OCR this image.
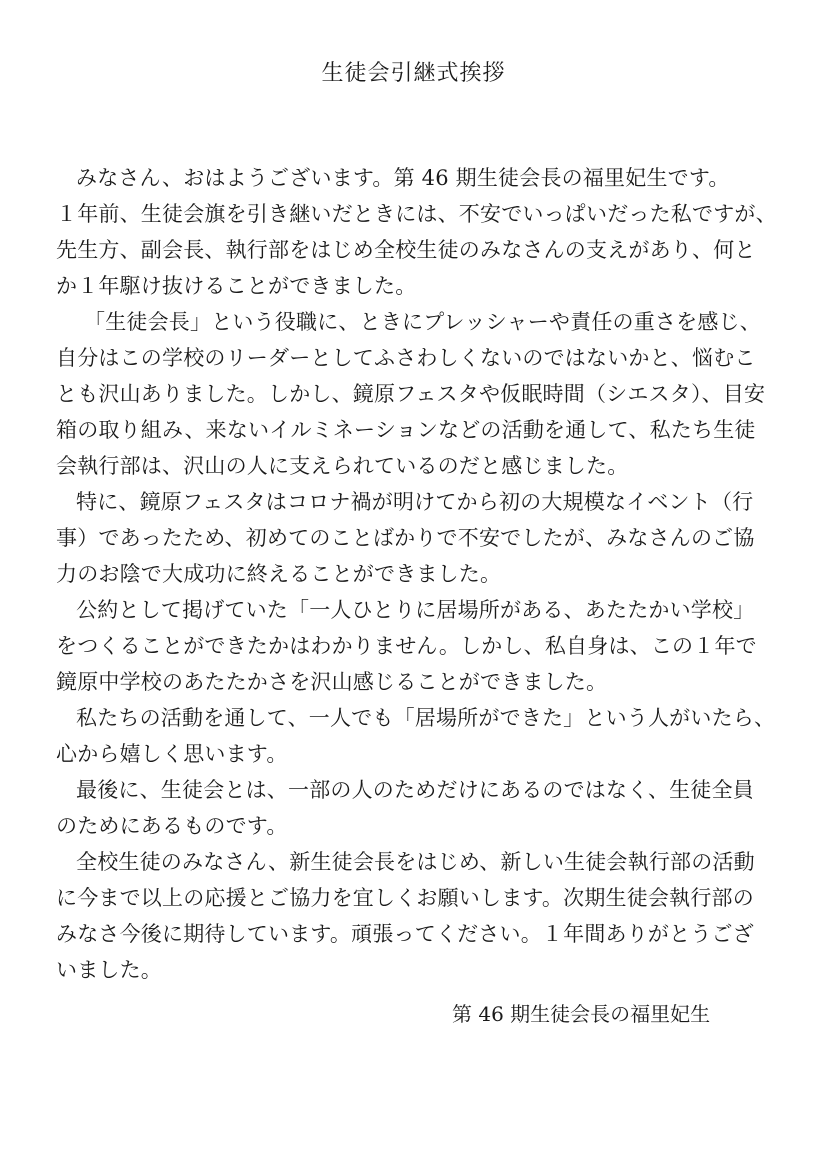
生徒会引継式挨拶
みなさん、おはようございます。第 46 期生徒会長の福里妃生です。
１年前、生徒会旗を引き継いだときには、不安でいっぱいだった私ですが、
先生方、副会長、執行部をはじめ全校生徒のみなさんの支えがあり、何と
か１年駆け抜けることができました。
「生徒会長」という役職に、ときにプレッシャーや責任の重さを感じ、
自分はこの学校のリーダーとしてふさわしくないのではないかと、悩むこ
とも沢山ありました。しかし、鏡原フェスタや仮眠時間（シエスタ）、目安
箱の取り組み、来ないイルミネーションなどの活動を通して、私たち生徒
会執行部は、沢山の人に支えられているのだと感じました。
特に、鏡原フェスタはコロナ禍が明けてから初の大規模なイベント（行
事）であったため、初めてのことばかりで不安でしたが、みなさんのご協
力のお陰で大成功に終えることができました。
公約として掲げていた「一人ひとりに居場所がある、あたたかい学校」
をつくることができたかはわかりません。しかし、私自身は、この１年で
鏡原中学校のあたたかさを沢山感じることができました。
私たちの活動を通して、一人でも「居場所ができた」という人がいたら、
心から嬉しく思います。
最後に、生徒会とは、一部の人のためだけにあるのではなく、生徒全員
のためにあるものです。
全校生徒のみなさん、新生徒会長をはじめ、新しい生徒会執行部の活動
に今まで以上の応援とご協力を宜しくお願いします。次期生徒会執行部の
みなさ今後に期待しています。頑張ってください。１年間ありがとうござ
いました。
第 46 期生徒会長の福里妃生
